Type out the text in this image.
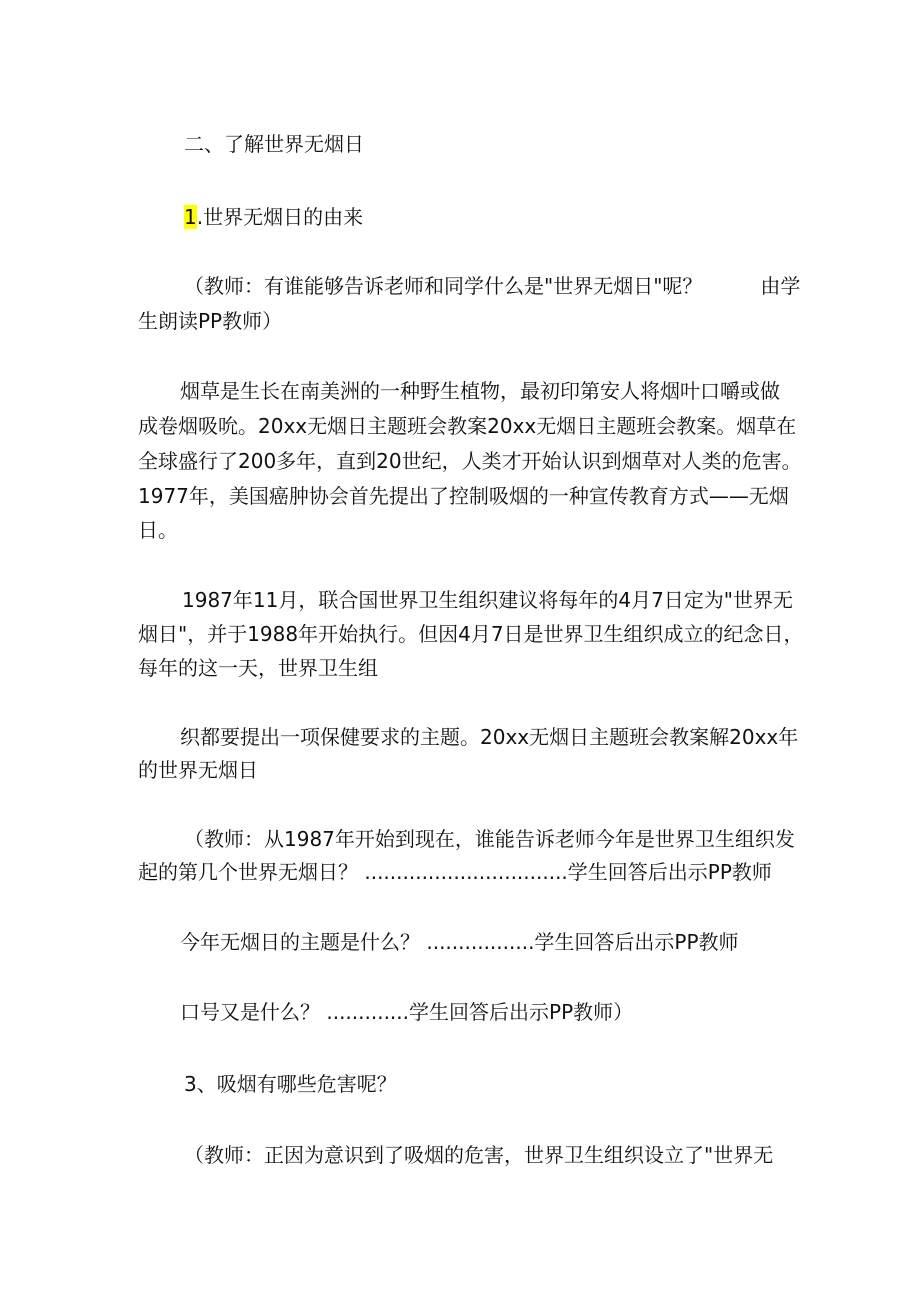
二、了解世界无烟日
1.世界无烟日的由来
（教师：有谁能够告诉老师和同学什么是"世界无烟日"呢？	由学
生朗读PP教师）
烟草是生长在南美洲的一种野生植物，最初印第安人将烟叶口嚼或做
成卷烟吸吮。20xx无烟日主题班会教案20xx无烟日主题班会教案。烟草在
全球盛行了200多年，直到20世纪，人类才开始认识到烟草对人类的危害。
1977年，美国癌肿协会首先提出了控制吸烟的一种宣传教育方式——无烟
日。
1987年11月，联合国世界卫生组织建议将每年的4月7日定为"世界无
烟日"，并于1988年开始执行。但因4月7日是世界卫生组织成立的纪念日，
每年的这一天，世界卫生组
织都要提出一项保健要求的主题。20xx无烟日主题班会教案解20xx年
的世界无烟日
（教师：从1987年开始到现在，谁能告诉老师今年是世界卫生组织发
起的第几个世界无烟日？ ................................学生回答后出示PP教师
今年无烟日的主题是什么？ .................学生回答后出示PP教师
口号又是什么？ .............学生回答后出示PP教师）
3、吸烟有哪些危害呢？
（教师：正因为意识到了吸烟的危害，世界卫生组织设立了"世界无
